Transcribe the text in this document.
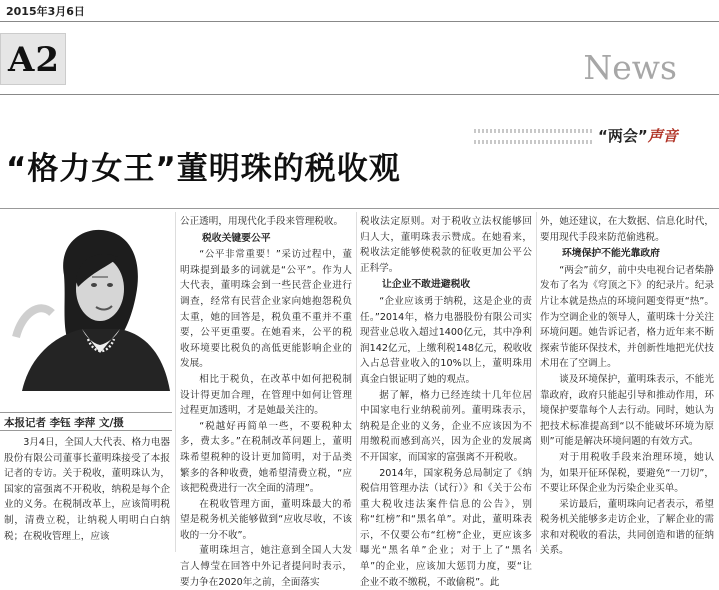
2015年3月6日
A2	News
“两会”声音
“格力女王”董明珠的税收观
本报记者 李钰 李萍 文/摄

3月4日，全国人大代表、格力电器股份有限公司董事长董明珠接受了本报记者的专访。关于税收，董明珠认为，国家的富强离不开税收，纳税是每个企业的义务。在税制改革上，应该简明税制，清费立税，让纳税人明明白白纳税；在税收管理上，应该

公正透明，用现代化手段来管理税收。

税收关键要公平

“公平非常重要！”采访过程中，董明珠提到最多的词就是“公平”。作为人大代表，董明珠会到一些民营企业进行调查，经常有民营企业家向她抱怨税负太重，她的回答是，税负重不重并不重要，公平更重要。在她看来，公平的税收环境要比税负的高低更能影响企业的发展。

相比于税负，在改革中如何把税制设计得更加合理，在管理中如何让管理过程更加透明，才是她最关注的。

“税越好再简单一些，不要税种太多，费太多。”在税制改革问题上，董明珠希望税种的设计更加简明，对于品类繁多的各种收费，她希望清费立税，“应该把税费进行一次全面的清理”。

在税收管理方面，董明珠最大的希望是税务机关能够做到“应收尽收，不该收的一分不收”。

董明珠坦言，她注意到全国人大发言人傅莹在回答中外记者提问时表示，要力争在2020年之前，全面落实

税收法定原则。对于税收立法权能够回归人大，董明珠表示赞成。在她看来，税收法定能够使税款的征收更加公平公正科学。

让企业不敢进避税收

“企业应该勇于纳税，这是企业的责任。”2014年，格力电器股份有限公司实现营业总收入超过1400亿元，其中净利润142亿元，上缴利税148亿元，税收收入占总营业收入的10%以上，董明珠用真金白银证明了她的观点。

据了解，格力已经连续十几年位居中国家电行业纳税前列。董明珠表示，纳税是企业的义务，企业不应该因为不用缴税而感到高兴，因为企业的发展离不开国家，而国家的富强离不开税收。

2014年，国家税务总局制定了《纳税信用管理办法（试行）》和《关于公布重大税收违法案件信息的公告》，别称“红榜”和“黑名单”。对此，董明珠表示，不仅要公布“红榜”企业，更应该多曝光“黑名单”企业；对于上了“黑名单”的企业，应该加大惩罚力度，要“让企业不敢不缴税，不敢偷税”。此

外，她还建议，在大数据、信息化时代，要用现代手段来防范偷逃税。

环境保护不能光靠政府

“两会”前夕，前中央电视台记者柴静发布了名为《穹顶之下》的纪录片。纪录片让本就是热点的环境问题变得更“热”。作为空调企业的领导人，董明珠十分关注环境问题。她告诉记者，格力近年来不断探索节能环保技术，并创新性地把光伏技术用在了空调上。

谈及环境保护，董明珠表示，不能光靠政府，政府只能起引导和推动作用，环境保护要靠每个人去行动。同时，她认为把技术标准提高到“以不能破坏环境为原则”可能是解决环境问题的有效方式。

对于用税收手段来治理环境，她认为，如果开征环保税，要避免“一刀切”，不要让环保企业为污染企业买单。

采访最后，董明珠向记者表示，希望税务机关能够多走访企业，了解企业的需求和对税收的看法，共同创造和谐的征纳关系。
